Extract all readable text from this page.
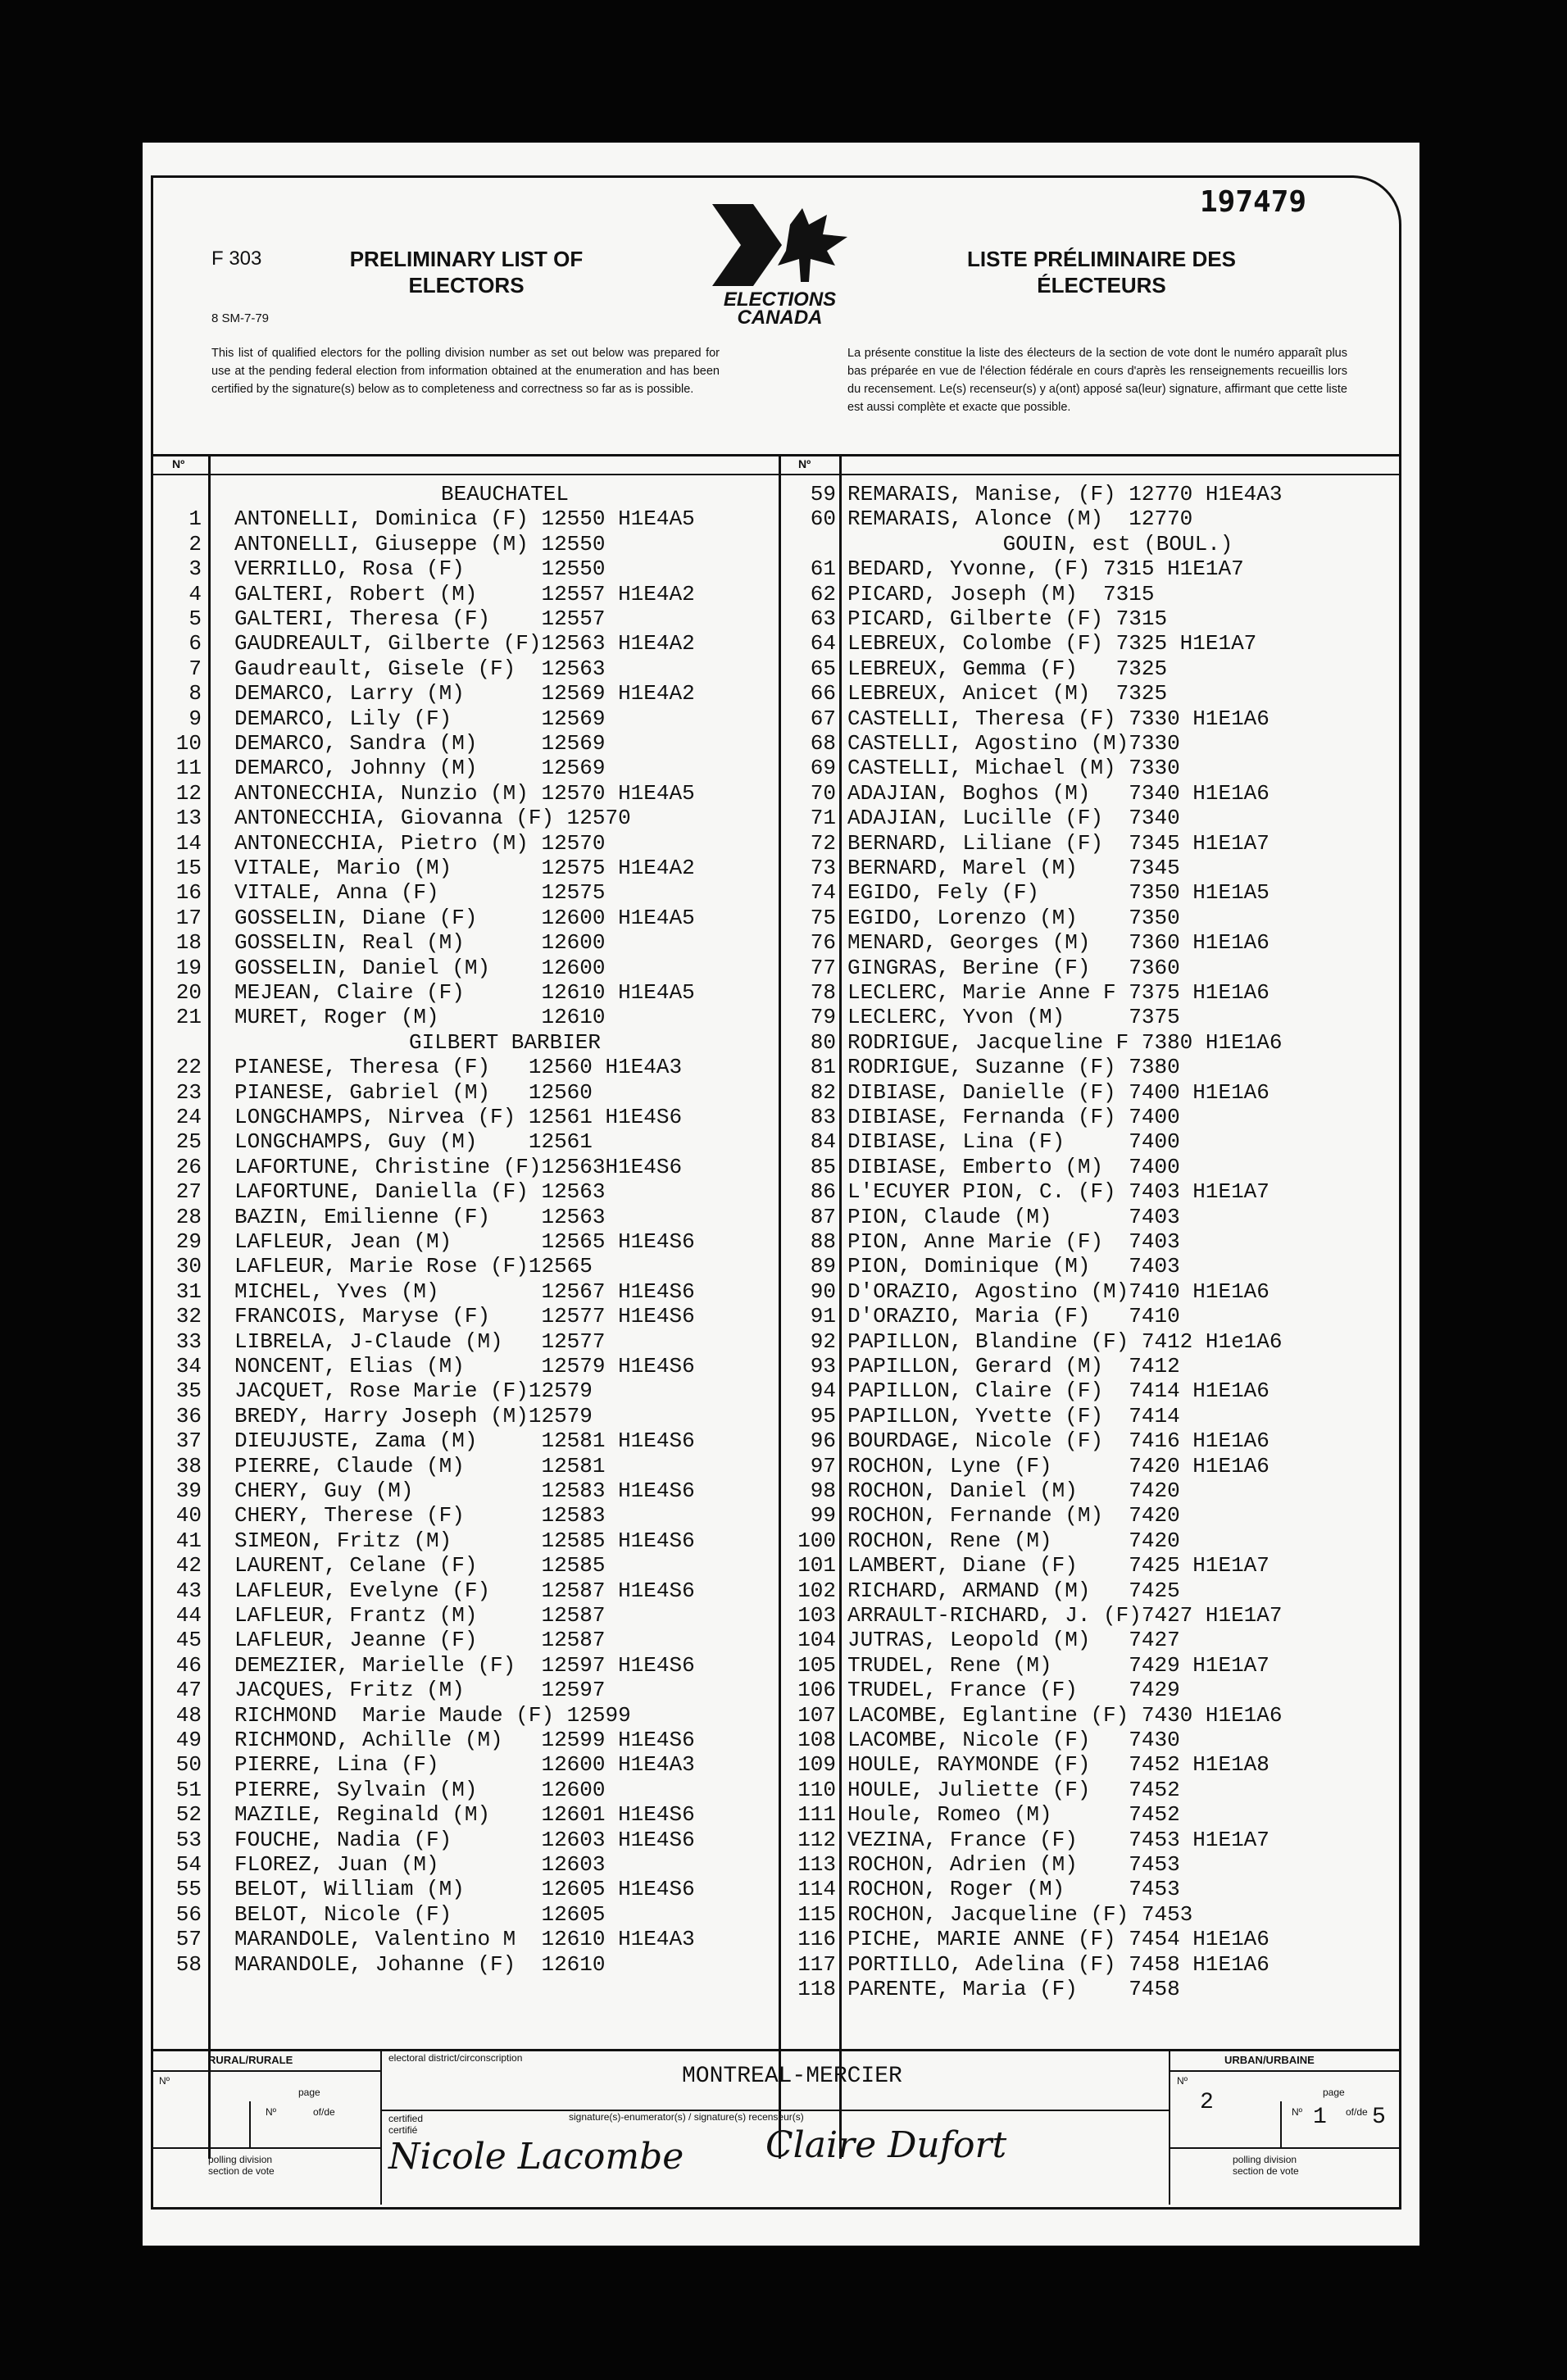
197479
F 303
8 SM-7-79
PRELIMINARY LIST OF
ELECTORS
ELECTIONS
CANADA
LISTE PRÉLIMINAIRE DES
ÉLECTEURS
This list of qualified electors for the polling division number as set out below was prepared for use at the pending federal election from information obtained at the enumeration and has been certified by the signature(s) below as to completeness and correctness so far as is possible.
La présente constitue la liste des électeurs de la section de vote dont le numéro apparaît plus bas préparée en vue de l'élection fédérale en cours d'après les renseignements recueillis lors du recensement. Le(s) recenseur(s) y a(ont) apposé sa(leur) signature, affirmant que cette liste est aussi complète et exacte que possible.
Nº	Nº
BEAUCHATEL
1 ANTONELLI, Dominica (F) 12550 H1E4A5
2 ANTONELLI, Giuseppe (M) 12550
3 VERRILLO, Rosa (F)      12550
4 GALTERI, Robert (M)     12557 H1E4A2
5 GALTERI, Theresa (F)    12557
6 GAUDREAULT, Gilberte (F)12563 H1E4A2
7 Gaudreault, Gisele (F)  12563
8 DEMARCO, Larry (M)      12569 H1E4A2
9 DEMARCO, Lily (F)       12569
10 DEMARCO, Sandra (M)     12569
11 DEMARCO, Johnny (M)     12569
12 ANTONECCHIA, Nunzio (M) 12570 H1E4A5
13 ANTONECCHIA, Giovanna (F) 12570
14 ANTONECCHIA, Pietro (M) 12570
15 VITALE, Mario (M)       12575 H1E4A2
16 VITALE, Anna (F)        12575
17 GOSSELIN, Diane (F)     12600 H1E4A5
18 GOSSELIN, Real (M)      12600
19 GOSSELIN, Daniel (M)    12600
20 MEJEAN, Claire (F)      12610 H1E4A5
21 MURET, Roger (M)        12610
GILBERT BARBIER
22 PIANESE, Theresa (F)   12560 H1E4A3
23 PIANESE, Gabriel (M)   12560
24 LONGCHAMPS, Nirvea (F) 12561 H1E4S6
25 LONGCHAMPS, Guy (M)    12561
26 LAFORTUNE, Christine (F)12563H1E4S6
27 LAFORTUNE, Daniella (F) 12563
28 BAZIN, Emilienne (F)    12563
29 LAFLEUR, Jean (M)       12565 H1E4S6
30 LAFLEUR, Marie Rose (F)12565
31 MICHEL, Yves (M)        12567 H1E4S6
32 FRANCOIS, Maryse (F)    12577 H1E4S6
33 LIBRELA, J-Claude (M)   12577
34 NONCENT, Elias (M)      12579 H1E4S6
35 JACQUET, Rose Marie (F)12579
36 BREDY, Harry Joseph (M)12579
37 DIEUJUSTE, Zama (M)     12581 H1E4S6
38 PIERRE, Claude (M)      12581
39 CHERY, Guy (M)          12583 H1E4S6
40 CHERY, Therese (F)      12583
41 SIMEON, Fritz (M)       12585 H1E4S6
42 LAURENT, Celane (F)     12585
43 LAFLEUR, Evelyne (F)    12587 H1E4S6
44 LAFLEUR, Frantz (M)     12587
45 LAFLEUR, Jeanne (F)     12587
46 DEMEZIER, Marielle (F)  12597 H1E4S6
47 JACQUES, Fritz (M)      12597
48 RICHMOND  Marie Maude (F) 12599
49 RICHMOND, Achille (M)   12599 H1E4S6
50 PIERRE, Lina (F)        12600 H1E4A3
51 PIERRE, Sylvain (M)     12600
52 MAZILE, Reginald (M)    12601 H1E4S6
53 FOUCHE, Nadia (F)       12603 H1E4S6
54 FLOREZ, Juan (M)        12603
55 BELOT, William (M)      12605 H1E4S6
56 BELOT, Nicole (F)       12605
57 MARANDOLE, Valentino M  12610 H1E4A3
58 MARANDOLE, Johanne (F)  12610
59 REMARAIS, Manise, (F) 12770 H1E4A3
60 REMARAIS, Alonce (M)  12770
GOUIN, est (BOUL.)
61 BEDARD, Yvonne, (F) 7315 H1E1A7
62 PICARD, Joseph (M)  7315
63 PICARD, Gilberte (F) 7315
64 LEBREUX, Colombe (F) 7325 H1E1A7
65 LEBREUX, Gemma (F)   7325
66 LEBREUX, Anicet (M)  7325
67 CASTELLI, Theresa (F) 7330 H1E1A6
68 CASTELLI, Agostino (M)7330
69 CASTELLI, Michael (M) 7330
70 ADAJIAN, Boghos (M)   7340 H1E1A6
71 ADAJIAN, Lucille (F)  7340
72 BERNARD, Liliane (F)  7345 H1E1A7
73 BERNARD, Marel (M)    7345
74 EGIDO, Fely (F)       7350 H1E1A5
75 EGIDO, Lorenzo (M)    7350
76 MENARD, Georges (M)   7360 H1E1A6
77 GINGRAS, Berine (F)   7360
78 LECLERC, Marie Anne F 7375 H1E1A6
79 LECLERC, Yvon (M)     7375
80 RODRIGUE, Jacqueline F 7380 H1E1A6
81 RODRIGUE, Suzanne (F) 7380
82 DIBIASE, Danielle (F) 7400 H1E1A6
83 DIBIASE, Fernanda (F) 7400
84 DIBIASE, Lina (F)     7400
85 DIBIASE, Emberto (M)  7400
86 L'ECUYER PION, C. (F) 7403 H1E1A7
87 PION, Claude (M)      7403
88 PION, Anne Marie (F)  7403
89 PION, Dominique (M)   7403
90 D'ORAZIO, Agostino (M)7410 H1E1A6
91 D'ORAZIO, Maria (F)   7410
92 PAPILLON, Blandine (F) 7412 H1e1A6
93 PAPILLON, Gerard (M)  7412
94 PAPILLON, Claire (F)  7414 H1E1A6
95 PAPILLON, Yvette (F)  7414
96 BOURDAGE, Nicole (F)  7416 H1E1A6
97 ROCHON, Lyne (F)      7420 H1E1A6
98 ROCHON, Daniel (M)    7420
99 ROCHON, Fernande (M)  7420
100 ROCHON, Rene (M)      7420
101 LAMBERT, Diane (F)    7425 H1E1A7
102 RICHARD, ARMAND (M)   7425
103 ARRAULT-RICHARD, J. (F)7427 H1E1A7
104 JUTRAS, Leopold (M)   7427
105 TRUDEL, Rene (M)      7429 H1E1A7
106 TRUDEL, France (F)    7429
107 LACOMBE, Eglantine (F) 7430 H1E1A6
108 LACOMBE, Nicole (F)   7430
109 HOULE, RAYMONDE (F)   7452 H1E1A8
110 HOULE, Juliette (F)   7452
111 Houle, Romeo (M)      7452
112 VEZINA, France (F)    7453 H1E1A7
113 ROCHON, Adrien (M)    7453
114 ROCHON, Roger (M)     7453
115 ROCHON, Jacqueline (F) 7453
116 PICHE, MARIE ANNE (F) 7454 H1E1A6
117 PORTILLO, Adelina (F) 7458 H1E1A6
118 PARENTE, Maria (F)    7458
RURAL/RURALE	URBAN/URBAINE
Nº
page
Nº	of/de
Nº
page
Nº	of/de
2
1 5
electoral district/circonscription
MONTREAL-MERCIER
certified
certifié
signature(s)-enumerator(s) / signature(s) recenseur(s)
polling division
section de vote
polling division
section de vote
Nicole Lacombe Claire Dufort
